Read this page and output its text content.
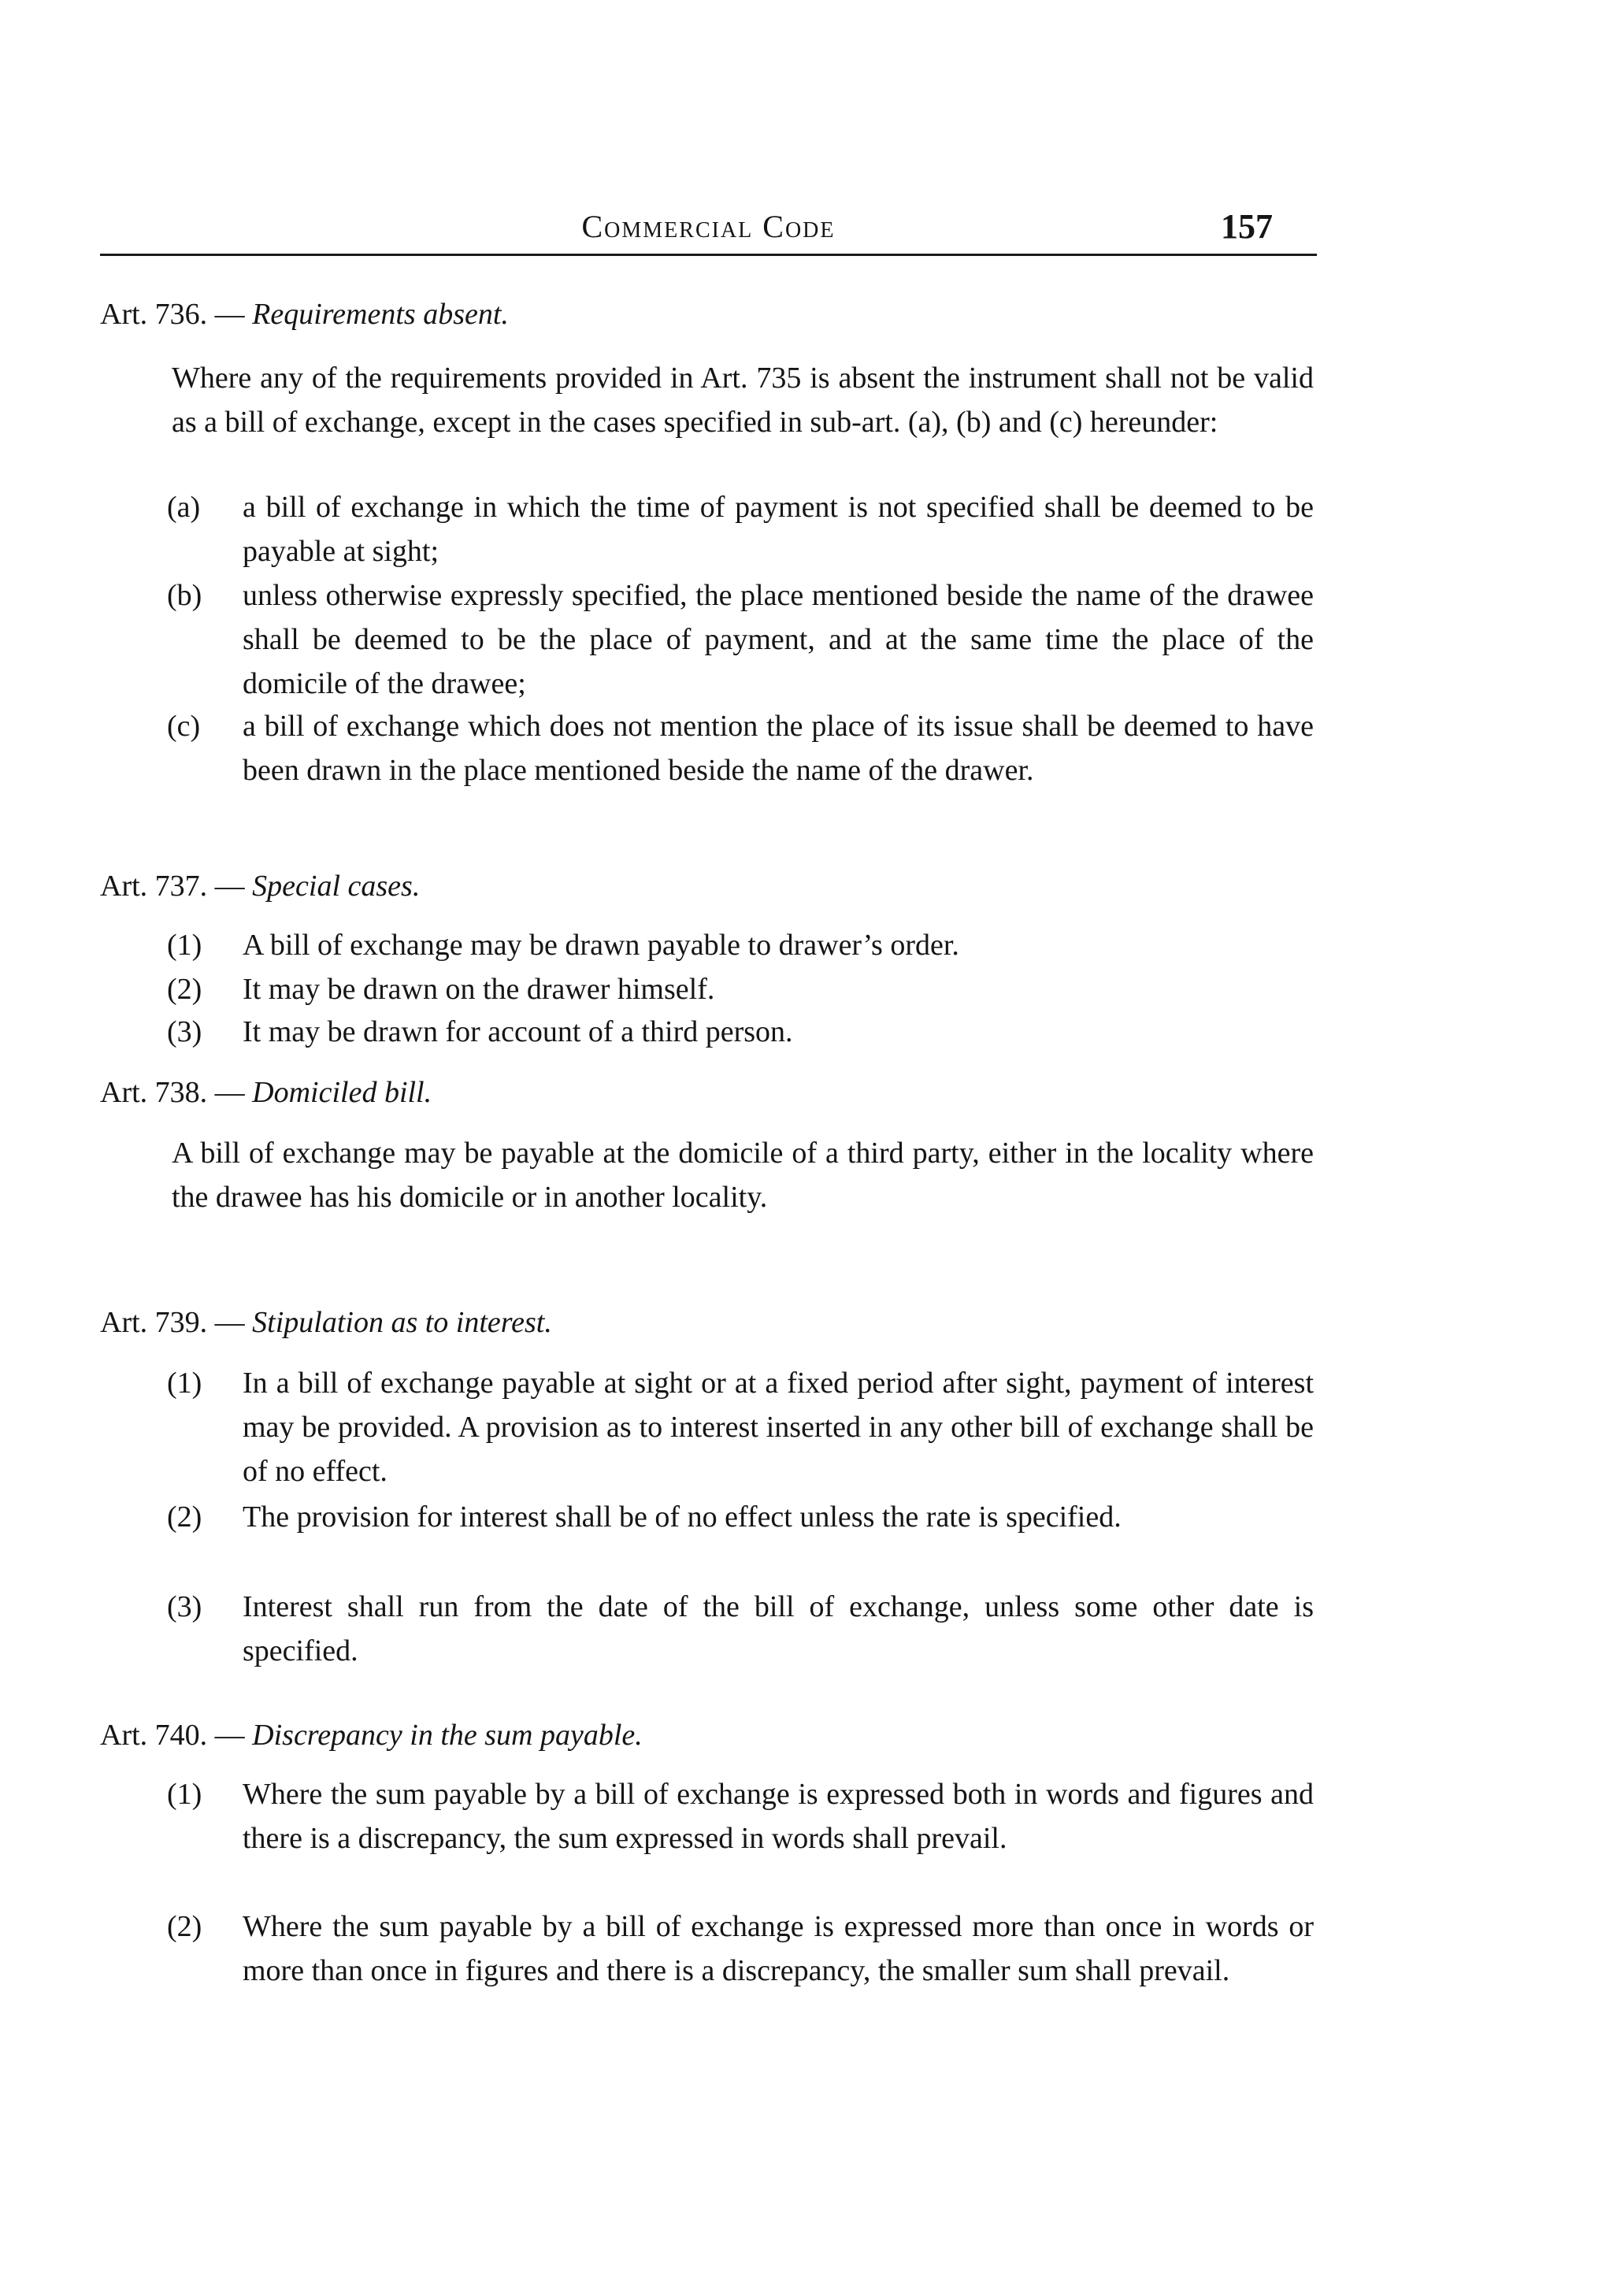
Commercial Code	157
Art. 736. — Requirements absent.

Where any of the requirements provided in Art. 735 is absent the instrument shall not be valid as a bill of exchange, except in the cases specified in sub-art. (a), (b) and (c) hereunder:

(a)	a bill of exchange in which the time of payment is not specified shall be deemed to be payable at sight;
(b)	unless otherwise expressly specified, the place mentioned beside the name of the drawee shall be deemed to be the place of payment, and at the same time the place of the domicile of the drawee;
(c)	a bill of exchange which does not mention the place of its issue shall be deemed to have been drawn in the place mentioned beside the name of the drawer.
Art. 737. — Special cases.
(1)	A bill of exchange may be drawn payable to drawer’s order.
(2)	It may be drawn on the drawer himself.
(3)	It may be drawn for account of a third person.
Art. 738. — Domiciled bill.

A bill of exchange may be payable at the domicile of a third party, either in the locality where the drawee has his domicile or in another locality.

Art. 739. — Stipulation as to interest.
(1)	In a bill of exchange payable at sight or at a fixed period after sight, payment of interest may be provided. A provision as to interest inserted in any other bill of exchange shall be of no effect.
(2)	The provision for interest shall be of no effect unless the rate is specified.
(3)	Interest shall run from the date of the bill of exchange, unless some other date is specified.
Art. 740. — Discrepancy in the sum payable.
(1)	Where the sum payable by a bill of exchange is expressed both in words and figures and there is a discrepancy, the sum expressed in words shall prevail.
(2)	Where the sum payable by a bill of exchange is expressed more than once in words or more than once in figures and there is a discrepancy, the smaller sum shall prevail.
